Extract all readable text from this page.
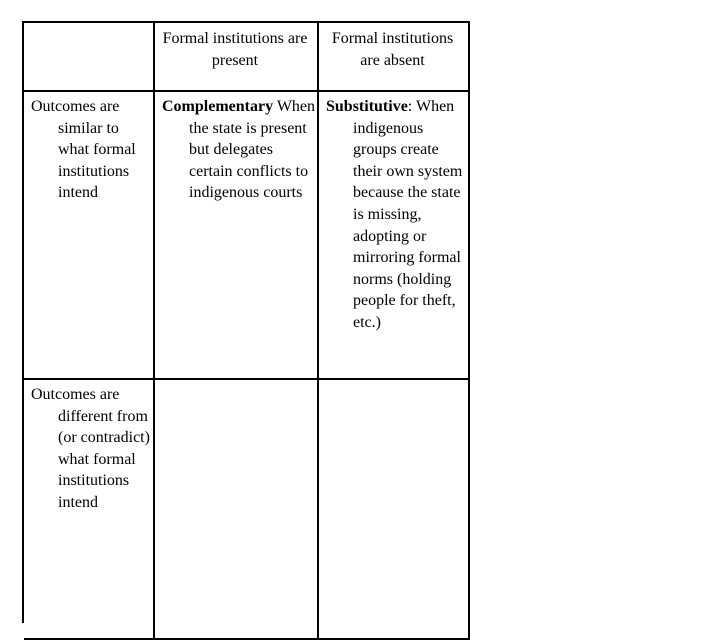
Formal institutions are present
Formal institutions are absent
Outcomes are similar to what formal institutions intend
Complementary When the state is present but delegates certain conflicts to indigenous courts
Substitutive: When indigenous groups create their own system because the state is missing, adopting or mirroring formal norms (holding people for theft, etc.)
Outcomes are different from (or contradict) what formal institutions intend
